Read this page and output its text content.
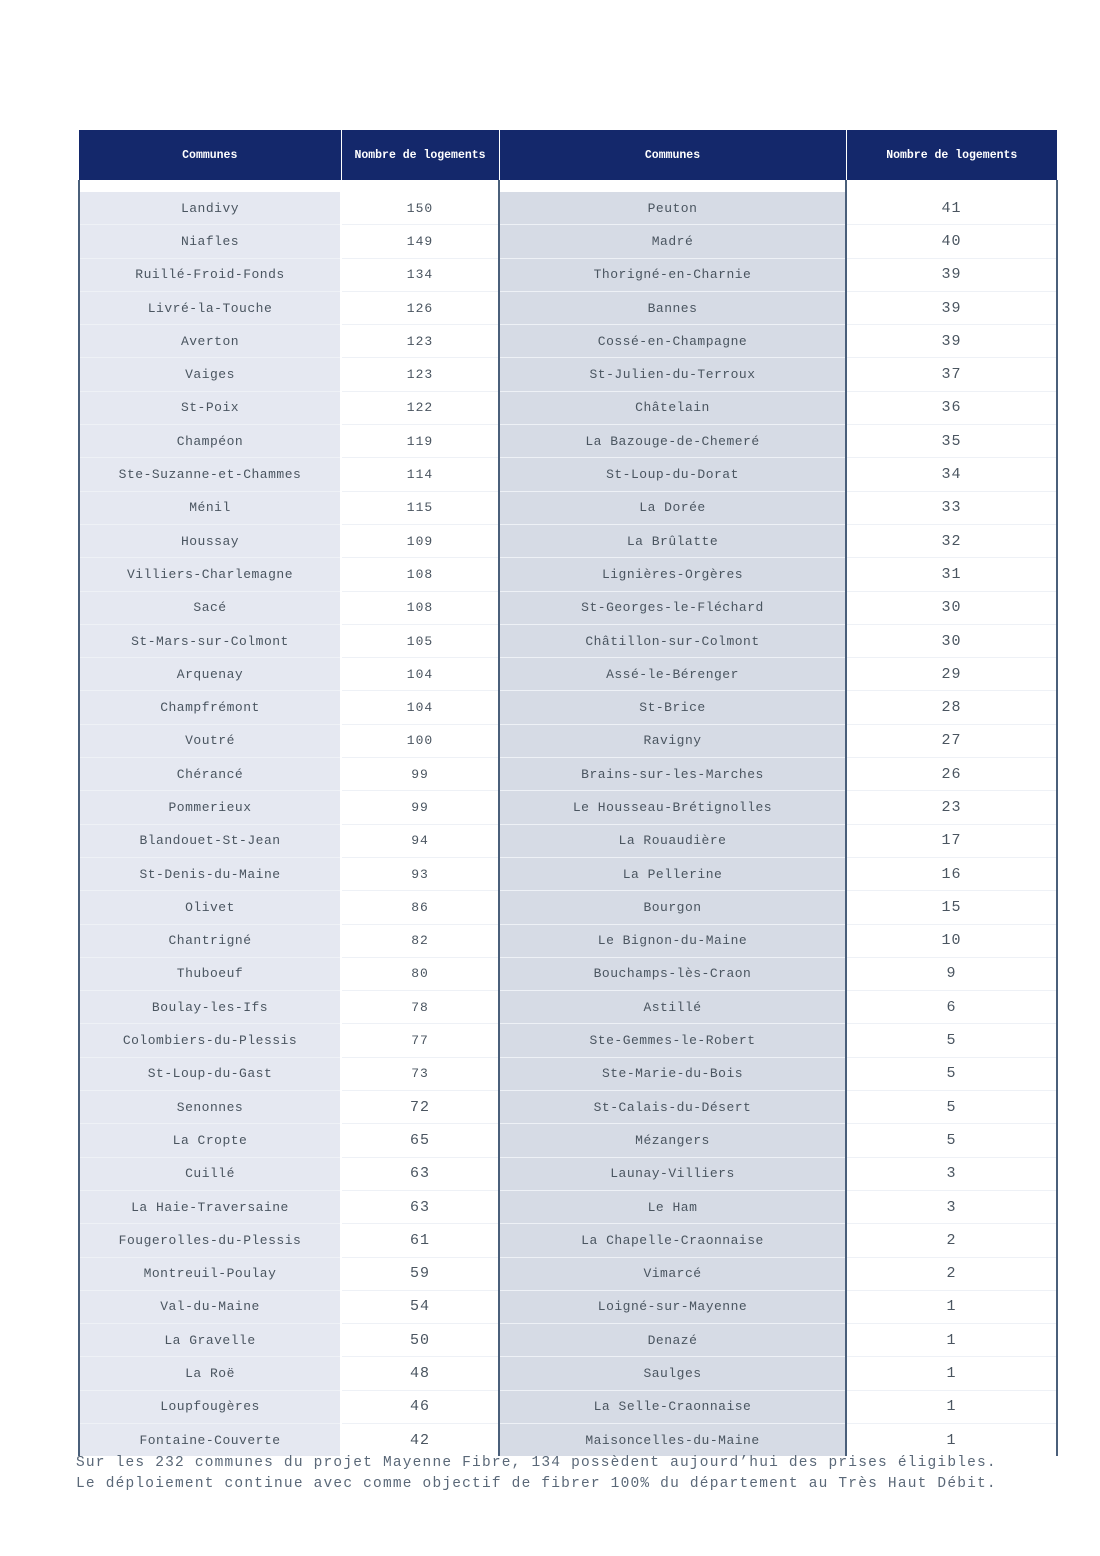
Communes	Nombre de logements	Communes	Nombre de logements

Landivy	150	Peuton	41
Niafles	149	Madré	40
Ruillé-Froid-Fonds	134	Thorigné-en-Charnie	39
Livré-la-Touche	126	Bannes	39
Averton	123	Cossé-en-Champagne	39
Vaiges	123	St-Julien-du-Terroux	37
St-Poix	122	Châtelain	36
Champéon	119	La Bazouge-de-Chemeré	35
Ste-Suzanne-et-Chammes	114	St-Loup-du-Dorat	34
Ménil	115	La Dorée	33
Houssay	109	La Brûlatte	32
Villiers-Charlemagne	108	Lignières-Orgères	31
Sacé	108	St-Georges-le-Fléchard	30
St-Mars-sur-Colmont	105	Châtillon-sur-Colmont	30
Arquenay	104	Assé-le-Bérenger	29
Champfrémont	104	St-Brice	28
Voutré	100	Ravigny	27
Chérancé	99	Brains-sur-les-Marches	26
Pommerieux	99	Le Housseau-Brétignolles	23
Blandouet-St-Jean	94	La Rouaudière	17
St-Denis-du-Maine	93	La Pellerine	16
Olivet	86	Bourgon	15
Chantrigné	82	Le Bignon-du-Maine	10
Thuboeuf	80	Bouchamps-lès-Craon	9
Boulay-les-Ifs	78	Astillé	6
Colombiers-du-Plessis	77	Ste-Gemmes-le-Robert	5
St-Loup-du-Gast	73	Ste-Marie-du-Bois	5
Senonnes	72	St-Calais-du-Désert	5
La Cropte	65	Mézangers	5
Cuillé	63	Launay-Villiers	3
La Haie-Traversaine	63	Le Ham	3
Fougerolles-du-Plessis	61	La Chapelle-Craonnaise	2
Montreuil-Poulay	59	Vimarcé	2
Val-du-Maine	54	Loigné-sur-Mayenne	1
La Gravelle	50	Denazé	1
La Roë	48	Saulges	1
Loupfougères	46	La Selle-Craonnaise	1
Fontaine-Couverte	42	Maisoncelles-du-Maine	1

Sur les 232 communes du projet Mayenne Fibre, 134 possèdent aujourd’hui des prises éligibles.

Le déploiement continue avec comme objectif de fibrer 100% du département au Très Haut Débit.
